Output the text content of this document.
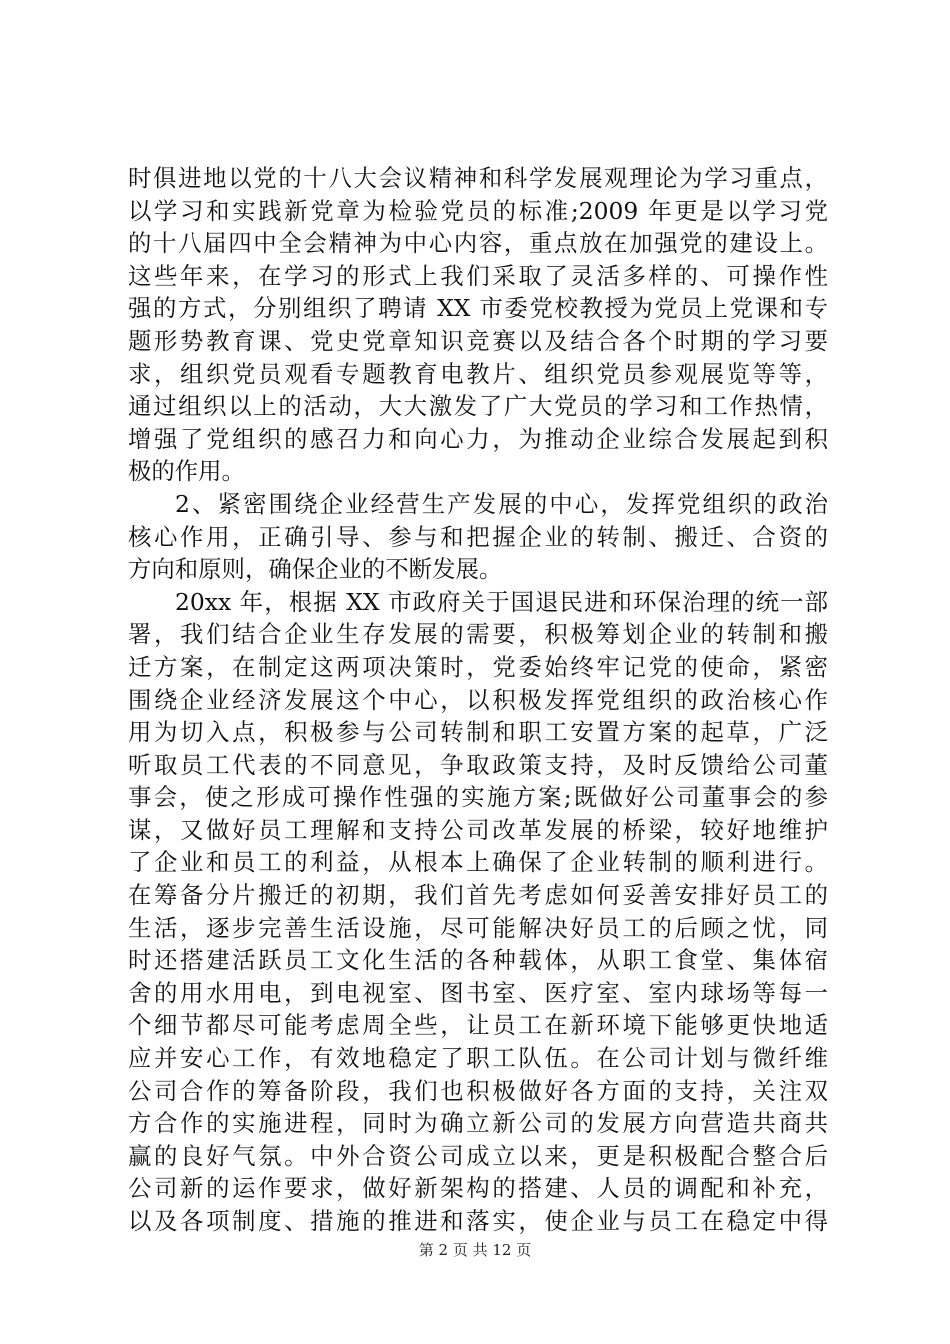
时俱进地以党的十八大会议精神和科学发展观理论为学习重点，
以学习和实践新党章为检验党员的标准;2009 年更是以学习党
的十八届四中全会精神为中心内容，重点放在加强党的建设上。
这些年来，在学习的形式上我们采取了灵活多样的、可操作性
强的方式，分别组织了聘请 XX 市委党校教授为党员上党课和专
题形势教育课、党史党章知识竞赛以及结合各个时期的学习要
求，组织党员观看专题教育电教片、组织党员参观展览等等，
通过组织以上的活动，大大激发了广大党员的学习和工作热情，
增强了党组织的感召力和向心力，为推动企业综合发展起到积
极的作用。
2、紧密围绕企业经营生产发展的中心，发挥党组织的政治
核心作用，正确引导、参与和把握企业的转制、搬迁、合资的
方向和原则，确保企业的不断发展。
20xx 年，根据 XX 市政府关于国退民进和环保治理的统一部
署，我们结合企业生存发展的需要，积极筹划企业的转制和搬
迁方案，在制定这两项决策时，党委始终牢记党的使命，紧密
围绕企业经济发展这个中心，以积极发挥党组织的政治核心作
用为切入点，积极参与公司转制和职工安置方案的起草，广泛
听取员工代表的不同意见，争取政策支持，及时反馈给公司董
事会，使之形成可操作性强的实施方案;既做好公司董事会的参
谋，又做好员工理解和支持公司改革发展的桥梁，较好地维护
了企业和员工的利益，从根本上确保了企业转制的顺利进行。
在筹备分片搬迁的初期，我们首先考虑如何妥善安排好员工的
生活，逐步完善生活设施，尽可能解决好员工的后顾之忧，同
时还搭建活跃员工文化生活的各种载体，从职工食堂、集体宿
舍的用水用电，到电视室、图书室、医疗室、室内球场等每一
个细节都尽可能考虑周全些，让员工在新环境下能够更快地适
应并安心工作，有效地稳定了职工队伍。在公司计划与微纤维
公司合作的筹备阶段，我们也积极做好各方面的支持，关注双
方合作的实施进程，同时为确立新公司的发展方向营造共商共
赢的良好气氛。中外合资公司成立以来，更是积极配合整合后
公司新的运作要求，做好新架构的搭建、人员的调配和补充，
以及各项制度、措施的推进和落实，使企业与员工在稳定中得
第 2 页 共 12 页
